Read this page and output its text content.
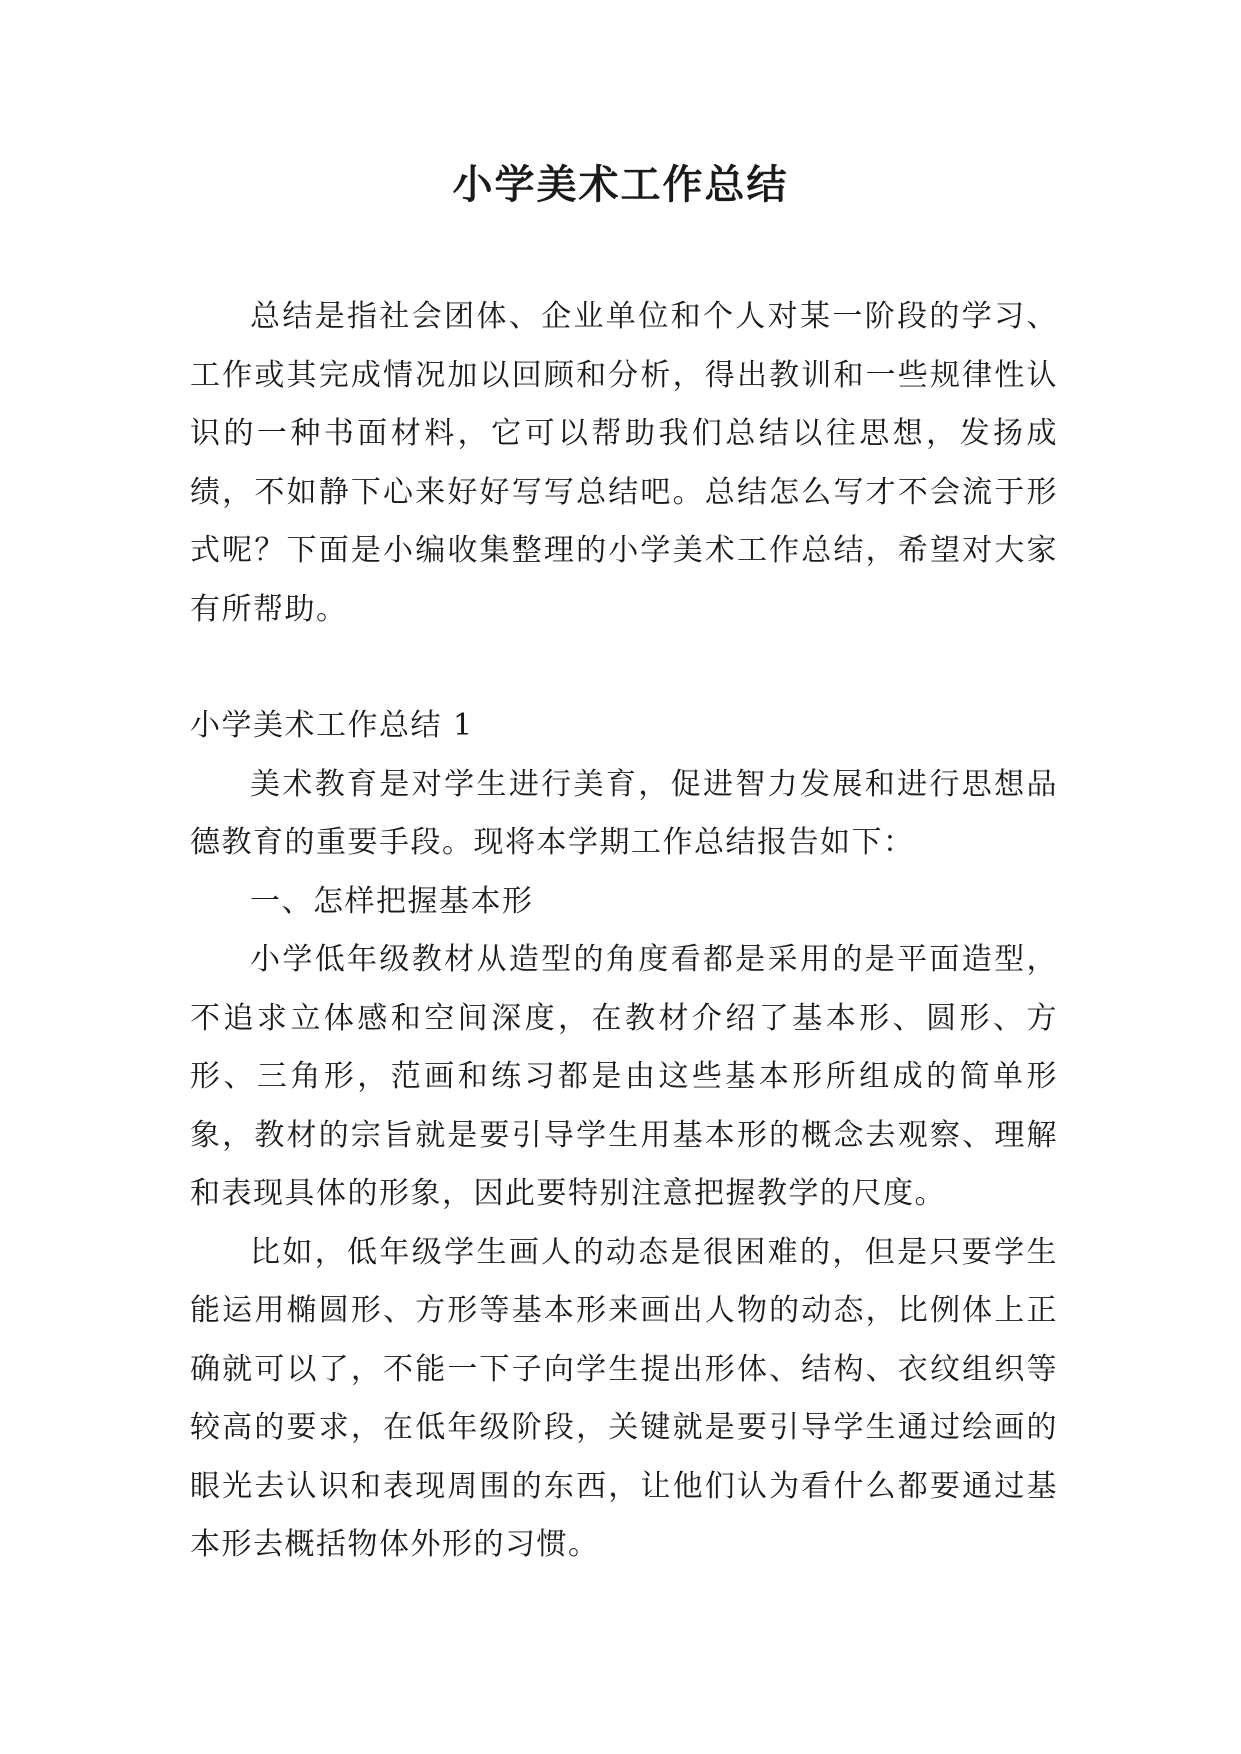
小学美术工作总结

总结是指社会团体、企业单位和个人对某一阶段的学习、工作或其完成情况加以回顾和分析，得出教训和一些规律性认识的一种书面材料，它可以帮助我们总结以往思想，发扬成绩，不如静下心来好好写写总结吧。总结怎么写才不会流于形式呢？下面是小编收集整理的小学美术工作总结，希望对大家有所帮助。

小学美术工作总结 1

美术教育是对学生进行美育，促进智力发展和进行思想品德教育的重要手段。现将本学期工作总结报告如下：

一、怎样把握基本形

小学低年级教材从造型的角度看都是采用的是平面造型，不追求立体感和空间深度，在教材介绍了基本形、圆形、方形、三角形，范画和练习都是由这些基本形所组成的简单形象，教材的宗旨就是要引导学生用基本形的概念去观察、理解和表现具体的形象，因此要特别注意把握教学的尺度。

比如，低年级学生画人的动态是很困难的，但是只要学生能运用椭圆形、方形等基本形来画出人物的动态，比例体上正确就可以了，不能一下子向学生提出形体、结构、衣纹组织等较高的要求，在低年级阶段，关键就是要引导学生通过绘画的眼光去认识和表现周围的东西，让他们认为看什么都要通过基本形去概括物体外形的习惯。
